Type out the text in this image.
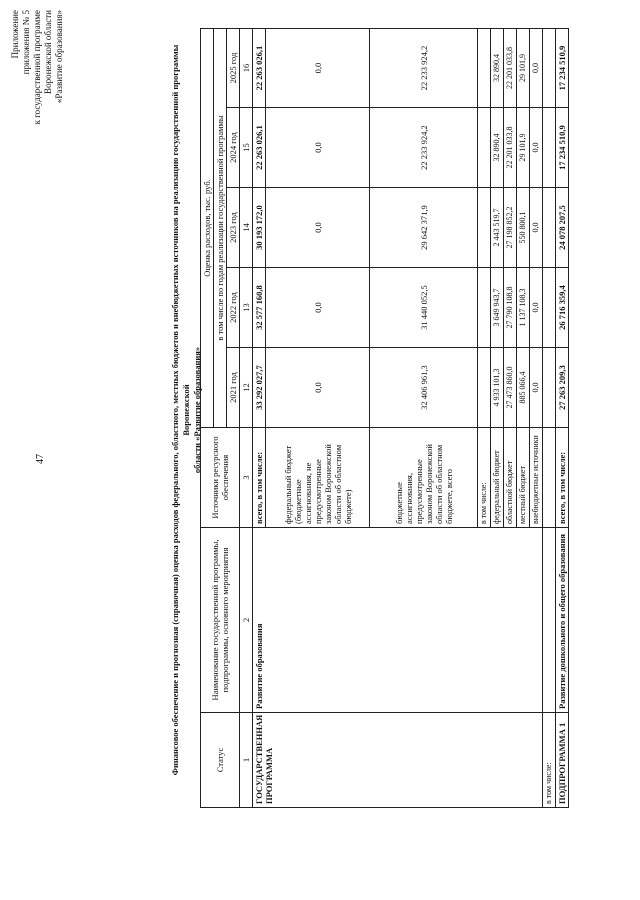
47
Приложение приложения № 5 к государственной программе Воронежской области «Развитие образования»	Финансовое обеспечение и прогнозная (справочная) оценка расходов федерального, областного, местных бюджетов и внебюджетных источников на реализацию государственной программы Воронежской области «Развитие образования»
Статус	Наименование государственной программы, подпрограммы, основного мероприятия	Источники ресурсного обеспечения	Оценка расходов, тыс. руб.				
			в том числе по годам реализации государственной программы				
			2021 год	2022 год	2023 год	2024 год	2025 год
1	2	3	12	13	14	15	16
ГОСУДАРСТВЕННАЯ ПРОГРАММА	Развитие образования	всего, в том числе:	33 292 027,7	32 577 160,8	30 193 172,0	22 263 026,1	22 263 026,1
		федеральный бюджет (бюджетные ассигнования, не предусмотренные законом Воронежской области об областном бюджете)	0,0	0,0	0,0	0,0	0,0
		бюджетные ассигнования, предусмотренные законом Воронежской области об областном бюджете, всего	32 406 961,3	31 440 052,5	29 642 371,9	22 233 924,2	22 233 924,2
		в том числе:					
		федеральный бюджет	4 933 101,3	3 649 943,7	2 443 519,7	32 890,4	32 890,4
		областной бюджет	27 473 860,0	27 790 108,8	27 198 852,2	22 201 033,8	22 201 033,8
		местный бюджет	885 066,4	1 137 108,3	550 800,1	29 101,9	29 101,9
		внебюджетные источники	0,0	0,0	0,0	0,0	0,0
в том числе:							
ПОДПРОГРАММА 1	Развитие дошкольного и общего образования	всего, в том числе:	27 263 209,3	26 716 359,4	24 078 207,5	17 234 510,9	17 234 510,9
